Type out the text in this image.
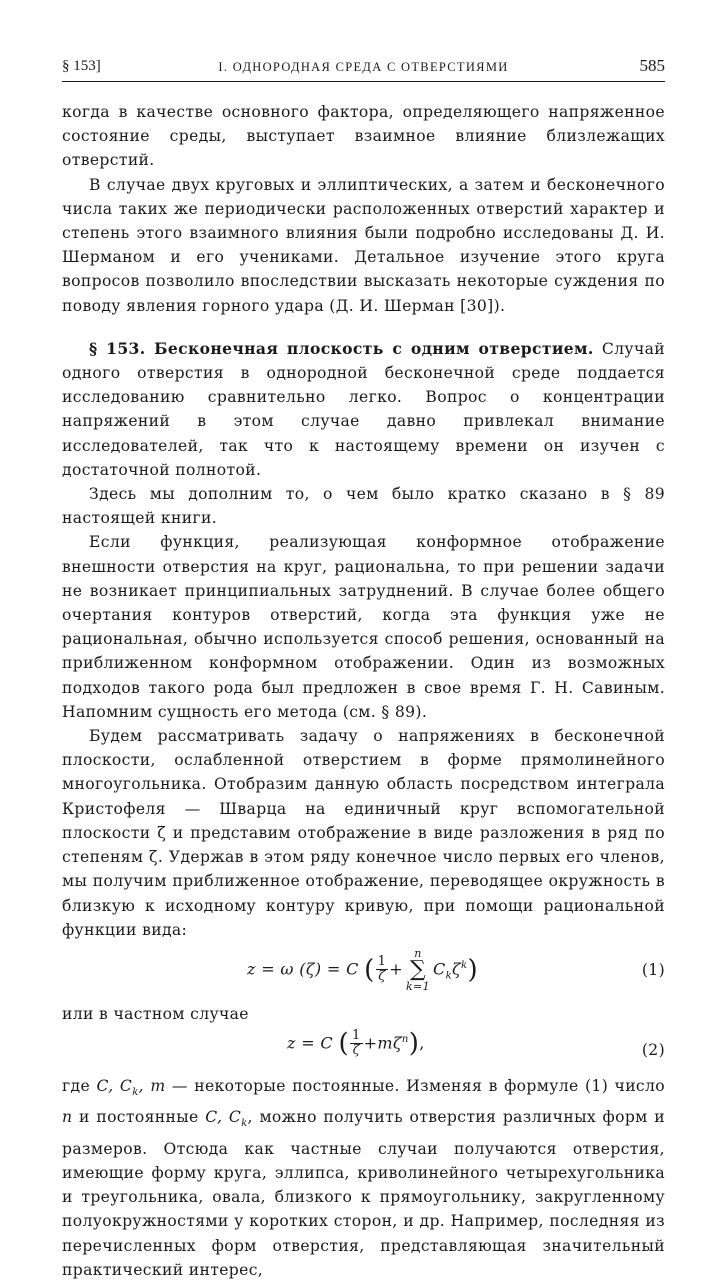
§ 153]	I. ОДНОРОДНАЯ СРЕДА С ОТВЕРСТИЯМИ	585

когда в качестве основного фактора, определяющего напряженное состояние среды, выступает взаимное влияние близлежащих отверстий.

В случае двух круговых и эллиптических, а затем и бесконечного числа таких же периодически расположенных отверстий характер и степень этого взаимного влияния были подробно исследованы Д. И. Шерманом и его учениками. Детальное изучение этого круга вопросов позволило впоследствии высказать некоторые суждения по поводу явления горного удара (Д. И. Шерман [30]).

§ 153. Бесконечная плоскость с одним отверстием. Случай одного отверстия в однородной бесконечной среде поддается исследованию сравнительно легко. Вопрос о концентрации напряжений в этом случае давно привлекал внимание исследователей, так что к настоящему времени он изучен с достаточной полнотой.

Здесь мы дополним то, о чем было кратко сказано в § 89 настоящей книги.

Если функция, реализующая конформное отображение внешности отверстия на круг, рациональна, то при решении задачи не возникает принципиальных затруднений. В случае более общего очертания контуров отверстий, когда эта функция уже не рациональная, обычно используется способ решения, основанный на приближенном конформном отображении. Один из возможных подходов такого рода был предложен в свое время Г. Н. Савиным. Напомним сущность его метода (см. § 89).

Будем рассматривать задачу о напряжениях в бесконечной плоскости, ослабленной отверстием в форме прямолинейного многоугольника. Отобразим данную область посредством интеграла Кристофеля — Шварца на единичный круг вспомогательной плоскости ζ и представим отображение в виде разложения в ряд по степеням ζ. Удержав в этом ряду конечное число первых его членов, мы получим приближенное отображение, переводящее окружность в близкую к исходному контуру кривую, при помощи рациональной функции вида:

z = ω (ζ) = C ( $\frac{1}{\zeta}$ +
n
∑
k=1
$C_k\zeta^k$)	(1)

или в частном случае

z = C ( $\frac{1}{\zeta} +m\zeta^n$),	(2)

где C, $C_k$, m — некоторые постоянные. Изменяя в формуле (1) число n и постоянные C, $C_k$, можно получить отверстия различных форм и размеров. Отсюда как частные случаи получаются отверстия, имеющие форму круга, эллипса, криволинейного четырехугольника и треугольника, овала, близкого к прямоугольнику, закругленному полуокружностями у коротких сторон, и др. Например, последняя из перечисленных форм отверстия, представляющая значительный практический интерес,
